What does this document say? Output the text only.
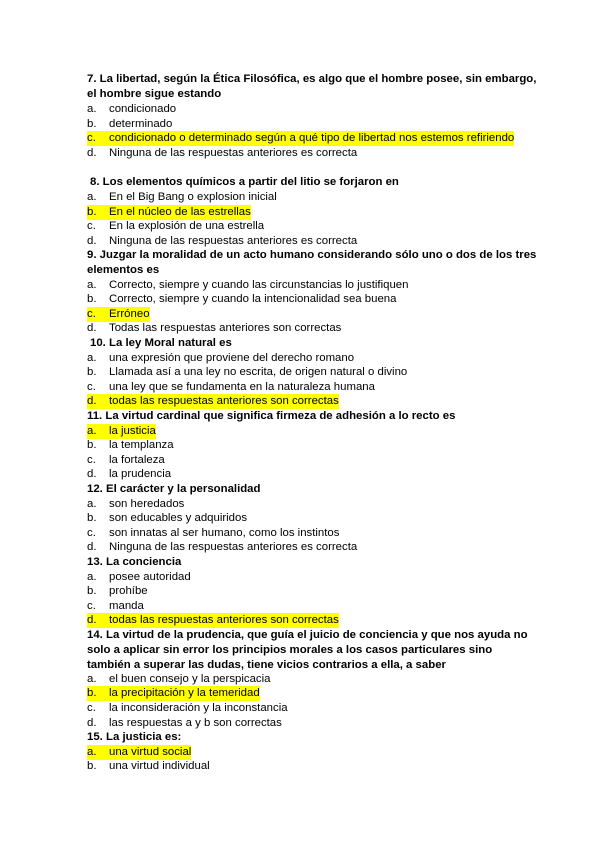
7. La libertad, según la Ética Filosófica, es algo que el hombre posee, sin embargo, el hombre sigue estando
a. condicionado
b. determinado
c. condicionado o determinado según a qué tipo de libertad nos estemos refiriendo
d. Ninguna de las respuestas anteriores es correcta
8. Los elementos químicos a partir del litio se forjaron en
a. En el Big Bang o explosion inicial
b. En el núcleo de las estrellas
c. En la explosión de una estrella
d. Ninguna de las respuestas anteriores es correcta
9. Juzgar la moralidad de un acto humano considerando sólo uno o dos de los tres elementos es
a. Correcto, siempre y cuando las circunstancias lo justifiquen
b. Correcto, siempre y cuando la intencionalidad sea buena
c. Erróneo
d. Todas las respuestas anteriores son correctas
10. La ley Moral natural es
a. una expresión que proviene del derecho romano
b. Llamada así a una ley no escrita, de origen natural o divino
c. una ley que se fundamenta en la naturaleza humana
d. todas las respuestas anteriores son correctas
11. La virtud cardinal que significa firmeza de adhesión a lo recto es
a. la justicia
b. la templanza
c. la fortaleza
d. la prudencia
12. El carácter y la personalidad
a. son heredados
b. son educables y adquiridos
c. son innatas al ser humano, como los instintos
d. Ninguna de las respuestas anteriores es correcta
13. La conciencia
a. posee autoridad
b. prohíbe
c. manda
d. todas las respuestas anteriores son correctas
14. La virtud de la prudencia, que guía el juicio de conciencia y que nos ayuda no solo a aplicar sin error los principios morales a los casos particulares sino también a superar las dudas, tiene vicios contrarios a ella, a saber
a. el buen consejo y la perspicacia
b. la precipitación y la temeridad
c. la inconsideración y la inconstancia
d. las respuestas a y b son correctas
15. La justicia es:
a. una virtud social
b. una virtud individual
